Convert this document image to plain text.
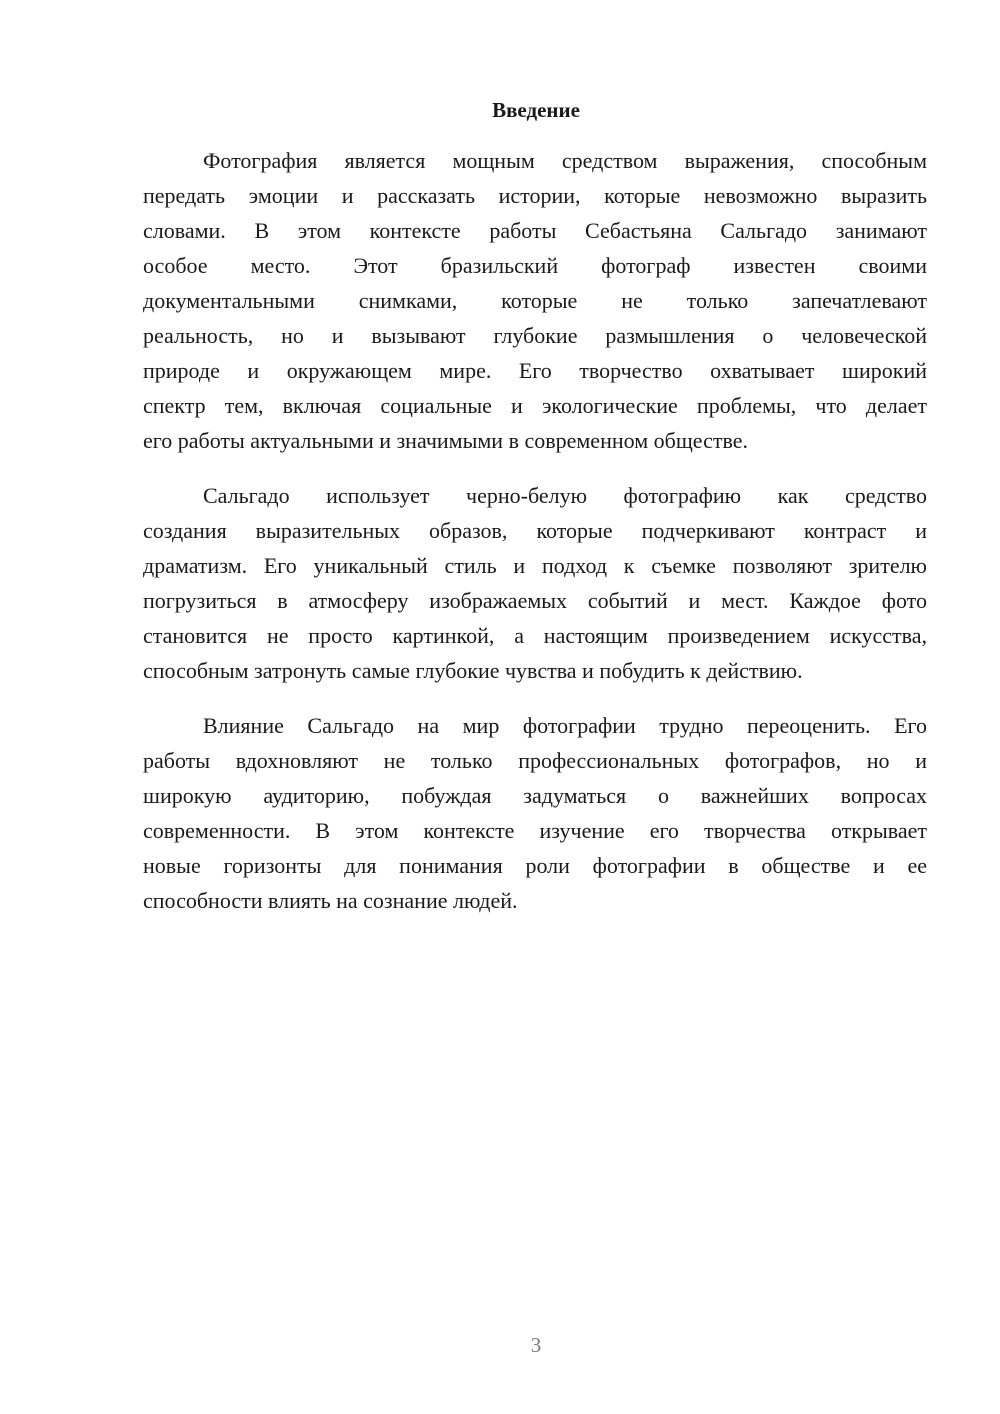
Введение
Фотография является мощным средством выражения, способным
передать эмоции и рассказать истории, которые невозможно выразить
словами. В этом контексте работы Себастьяна Сальгадо занимают
особое место. Этот бразильский фотограф известен своими
документальными снимками, которые не только запечатлевают
реальность, но и вызывают глубокие размышления о человеческой
природе и окружающем мире. Его творчество охватывает широкий
спектр тем, включая социальные и экологические проблемы, что делает
его работы актуальными и значимыми в современном обществе.
Сальгадо использует черно-белую фотографию как средство
создания выразительных образов, которые подчеркивают контраст и
драматизм. Его уникальный стиль и подход к съемке позволяют зрителю
погрузиться в атмосферу изображаемых событий и мест. Каждое фото
становится не просто картинкой, а настоящим произведением искусства,
способным затронуть самые глубокие чувства и побудить к действию.
Влияние Сальгадо на мир фотографии трудно переоценить. Его
работы вдохновляют не только профессиональных фотографов, но и
широкую аудиторию, побуждая задуматься о важнейших вопросах
современности. В этом контексте изучение его творчества открывает
новые горизонты для понимания роли фотографии в обществе и ее
способности влиять на сознание людей.
3
